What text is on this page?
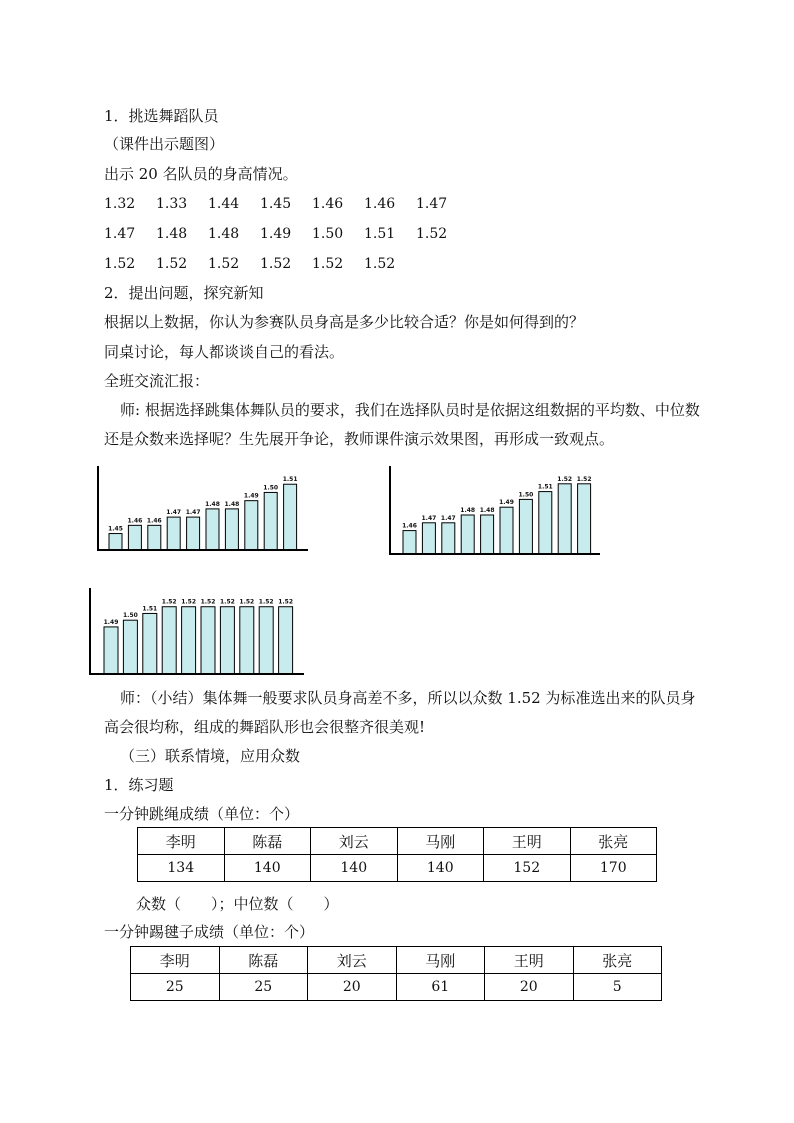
1．挑选舞蹈队员
（课件出示题图）
出示 20 名队员的身高情况。
1.32 1.33 1.44 1.45 1.46 1.46 1.47
1.47 1.48 1.48 1.49 1.50 1.51 1.52
1.52 1.52 1.52 1.52 1.52 1.52
2．提出问题，探究新知
根据以上数据，你认为参赛队员身高是多少比较合适？你是如何得到的？
同桌讨论，每人都谈谈自己的看法。
全班交流汇报：
师: 根据选择跳集体舞队员的要求，我们在选择队员时是依据这组数据的平均数、中位数
还是众数来选择呢？生先展开争论，教师课件演示效果图，再形成一致观点。
1.45
1.46 1.46
1.47 1.47
1.48 1.48
1.49
1.50
1.51
1.46
1.47 1.47
1.48 1.48
1.49
1.50
1.51
1.52 1.52
1.49
1.50
1.51
1.52 1.52 1.52 1.52 1.52 1.52 1.52
师：（小结）集体舞一般要求队员身高差不多，所以以众数 1.52 为标准选出来的队员身
高会很均称，组成的舞蹈队形也会很整齐很美观!
（三）联系情境，应用众数
1．练习题
一分钟跳绳成绩（单位：个）
李明	陈磊	刘云	马刚	王明	张亮
134	140	140	140	152	170
众数（　　）；中位数（　　）
一分钟踢毽子成绩（单位：个）
李明	陈磊	刘云	马刚	王明	张亮
25	25	20	61	20	5
